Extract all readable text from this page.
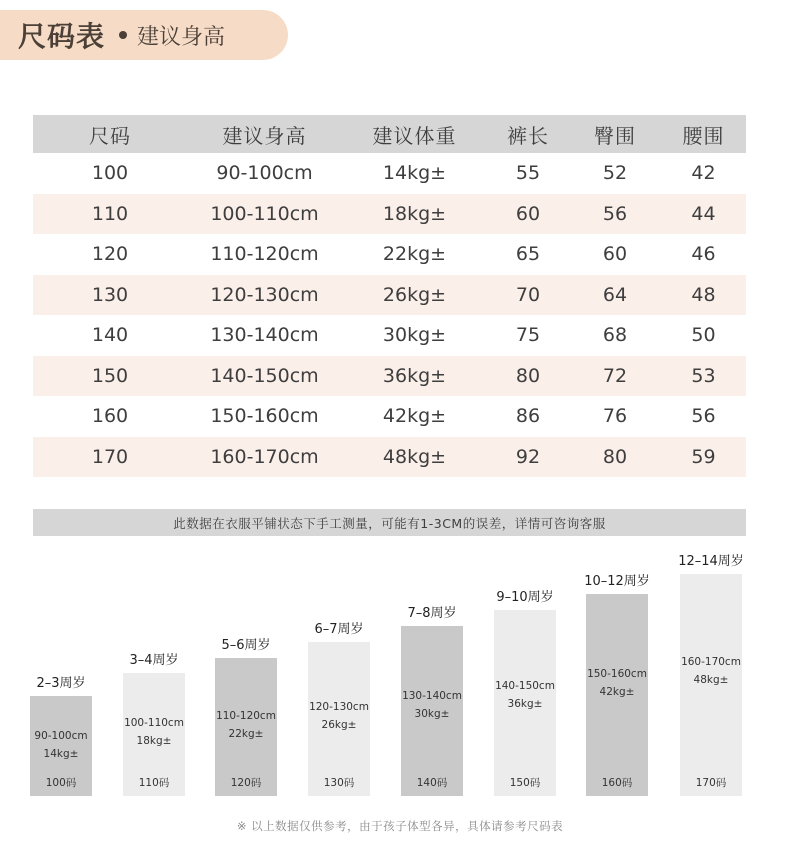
尺码表 建议身高
尺码	建议身高	建议体重	裤长	臀围	腰围
100	90-100cm	14kg±	55	52	42
110	100-110cm	18kg±	60	56	44
120	110-120cm	22kg±	65	60	46
130	120-130cm	26kg±	70	64	48
140	130-140cm	30kg±	75	68	50
150	140-150cm	36kg±	80	72	53
160	150-160cm	42kg±	86	76	56
170	160-170cm	48kg±	92	80	59
此数据在衣服平铺状态下手工测量，可能有1-3CM的误差，详情可咨询客服
2–3周岁
90-100cm
14kg±
100码
3–4周岁
100-110cm
18kg±
110码
5–6周岁
110-120cm
22kg±
120码
6–7周岁
120-130cm
26kg±
130码
7–8周岁
130-140cm
30kg±
140码
9–10周岁
140-150cm
36kg±
150码
10–12周岁
150-160cm
42kg±
160码
12–14周岁
160-170cm
48kg±
170码
※ 以上数据仅供参考，由于孩子体型各异，具体请参考尺码表
